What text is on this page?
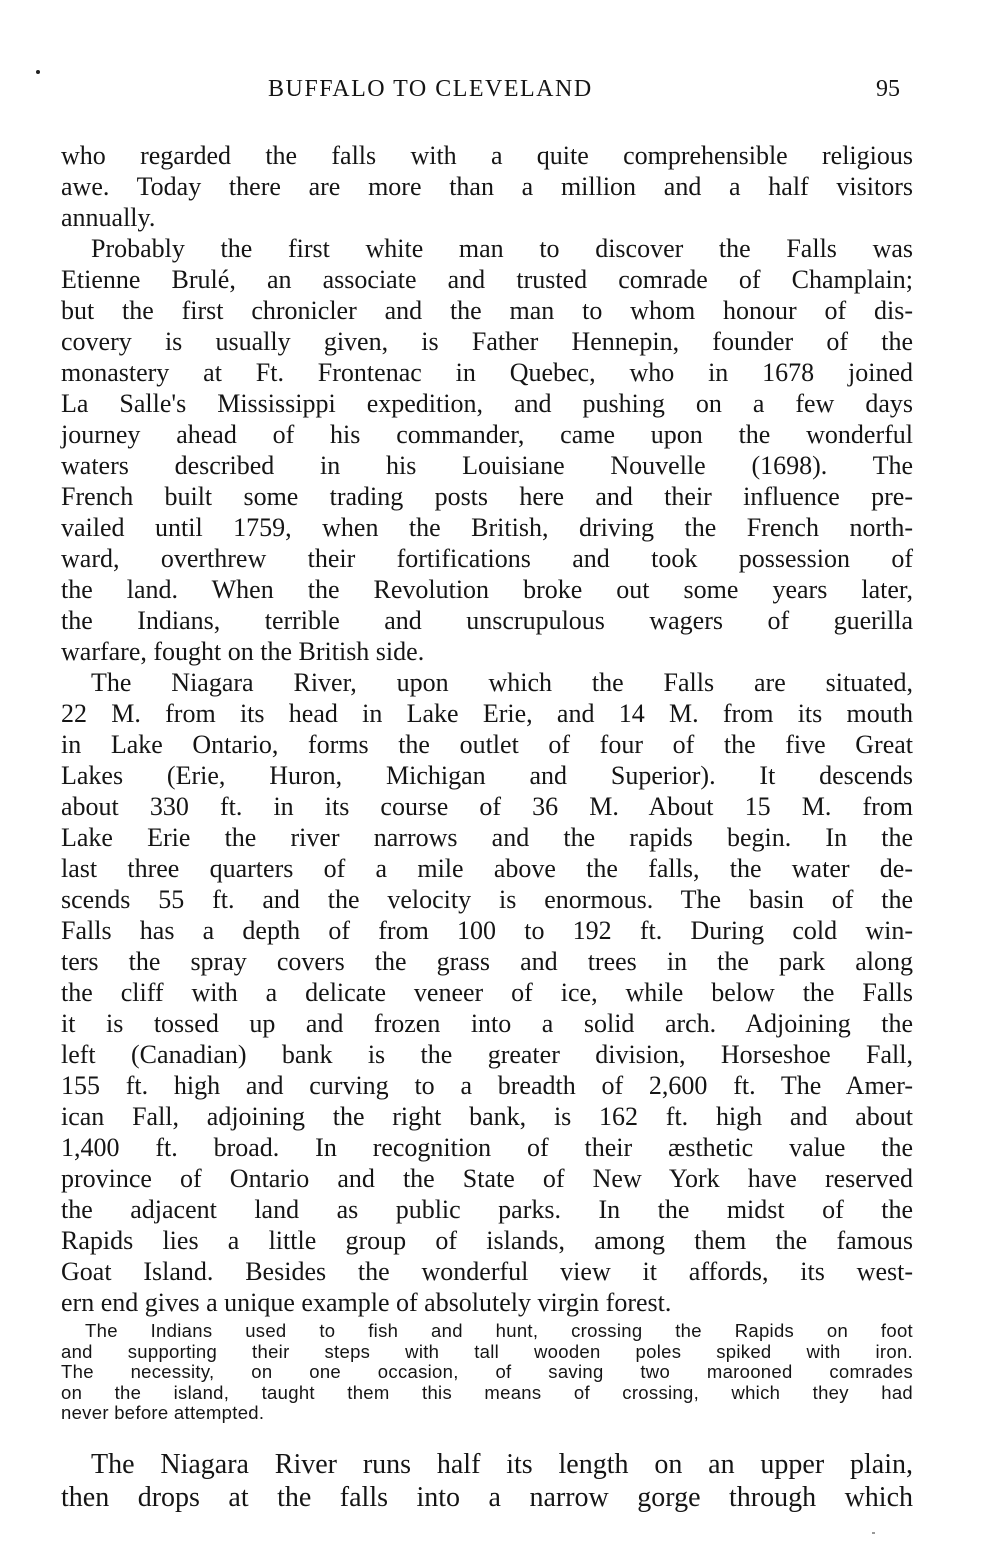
BUFFALO TO CLEVELAND	95
who regarded the falls with a quite comprehensible religious
awe. Today there are more than a million and a half visitors
annually.
Probably the first white man to discover the Falls was
Etienne Brulé, an associate and trusted comrade of Champlain;
but the first chronicler and the man to whom honour of dis-
covery is usually given, is Father Hennepin, founder of the
monastery at Ft. Frontenac in Quebec, who in 1678 joined
La Salle's Mississippi expedition, and pushing on a few days
journey ahead of his commander, came upon the wonderful
waters described in his Louisiane Nouvelle (1698). The
French built some trading posts here and their influence pre-
vailed until 1759, when the British, driving the French north-
ward, overthrew their fortifications and took possession of
the land. When the Revolution broke out some years later,
the Indians, terrible and unscrupulous wagers of guerilla
warfare, fought on the British side.
The Niagara River, upon which the Falls are situated,
22 M. from its head in Lake Erie, and 14 M. from its mouth
in Lake Ontario, forms the outlet of four of the five Great
Lakes (Erie, Huron, Michigan and Superior). It descends
about 330 ft. in its course of 36 M. About 15 M. from
Lake Erie the river narrows and the rapids begin. In the
last three quarters of a mile above the falls, the water de-
scends 55 ft. and the velocity is enormous. The basin of the
Falls has a depth of from 100 to 192 ft. During cold win-
ters the spray covers the grass and trees in the park along
the cliff with a delicate veneer of ice, while below the Falls
it is tossed up and frozen into a solid arch. Adjoining the
left (Canadian) bank is the greater division, Horseshoe Fall,
155 ft. high and curving to a breadth of 2,600 ft. The Amer-
ican Fall, adjoining the right bank, is 162 ft. high and about
1,400 ft. broad. In recognition of their æsthetic value the
province of Ontario and the State of New York have reserved
the adjacent land as public parks. In the midst of the
Rapids lies a little group of islands, among them the famous
Goat Island. Besides the wonderful view it affords, its west-
ern end gives a unique example of absolutely virgin forest.
The Indians used to fish and hunt, crossing the Rapids on foot
and supporting their steps with tall wooden poles spiked with iron.
The necessity, on one occasion, of saving two marooned comrades
on the island, taught them this means of crossing, which they had
never before attempted.
The Niagara River runs half its length on an upper plain,
then drops at the falls into a narrow gorge through which
